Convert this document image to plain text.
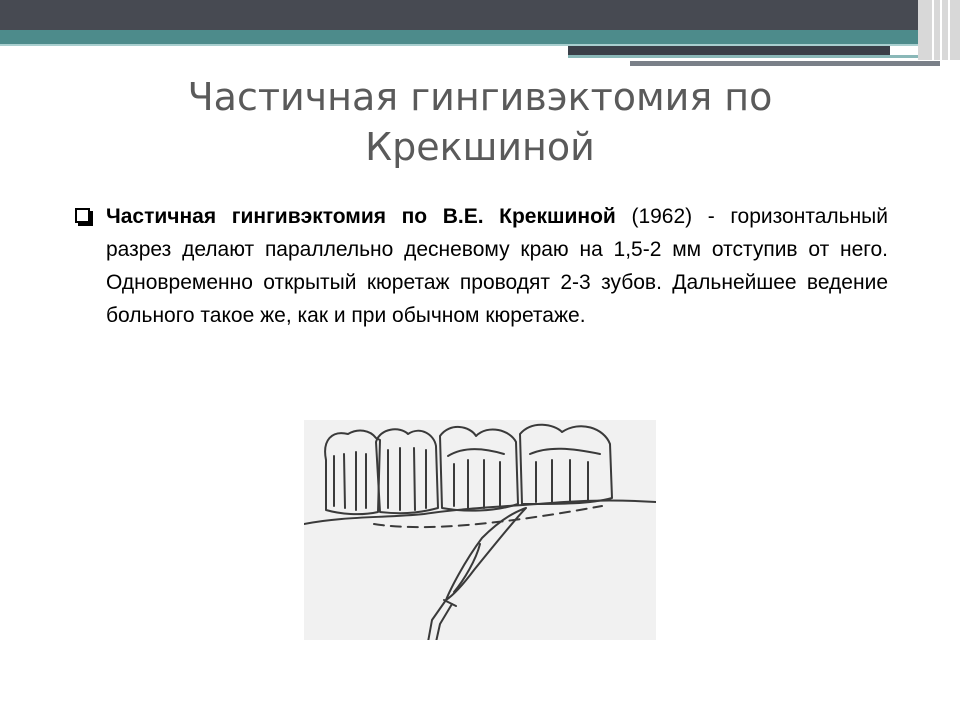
Частичная гингивэктомия по Крекшиной
Частичная гингивэктомия по В.Е. Крекшиной (1962) - горизонтальный разрез делают параллельно десневому краю на 1,5-2 мм отступив от него. Одновременно открытый кюретаж проводят 2-3 зубов. Дальнейшее ведение больного такое же, как и при обычном кюретаже.
